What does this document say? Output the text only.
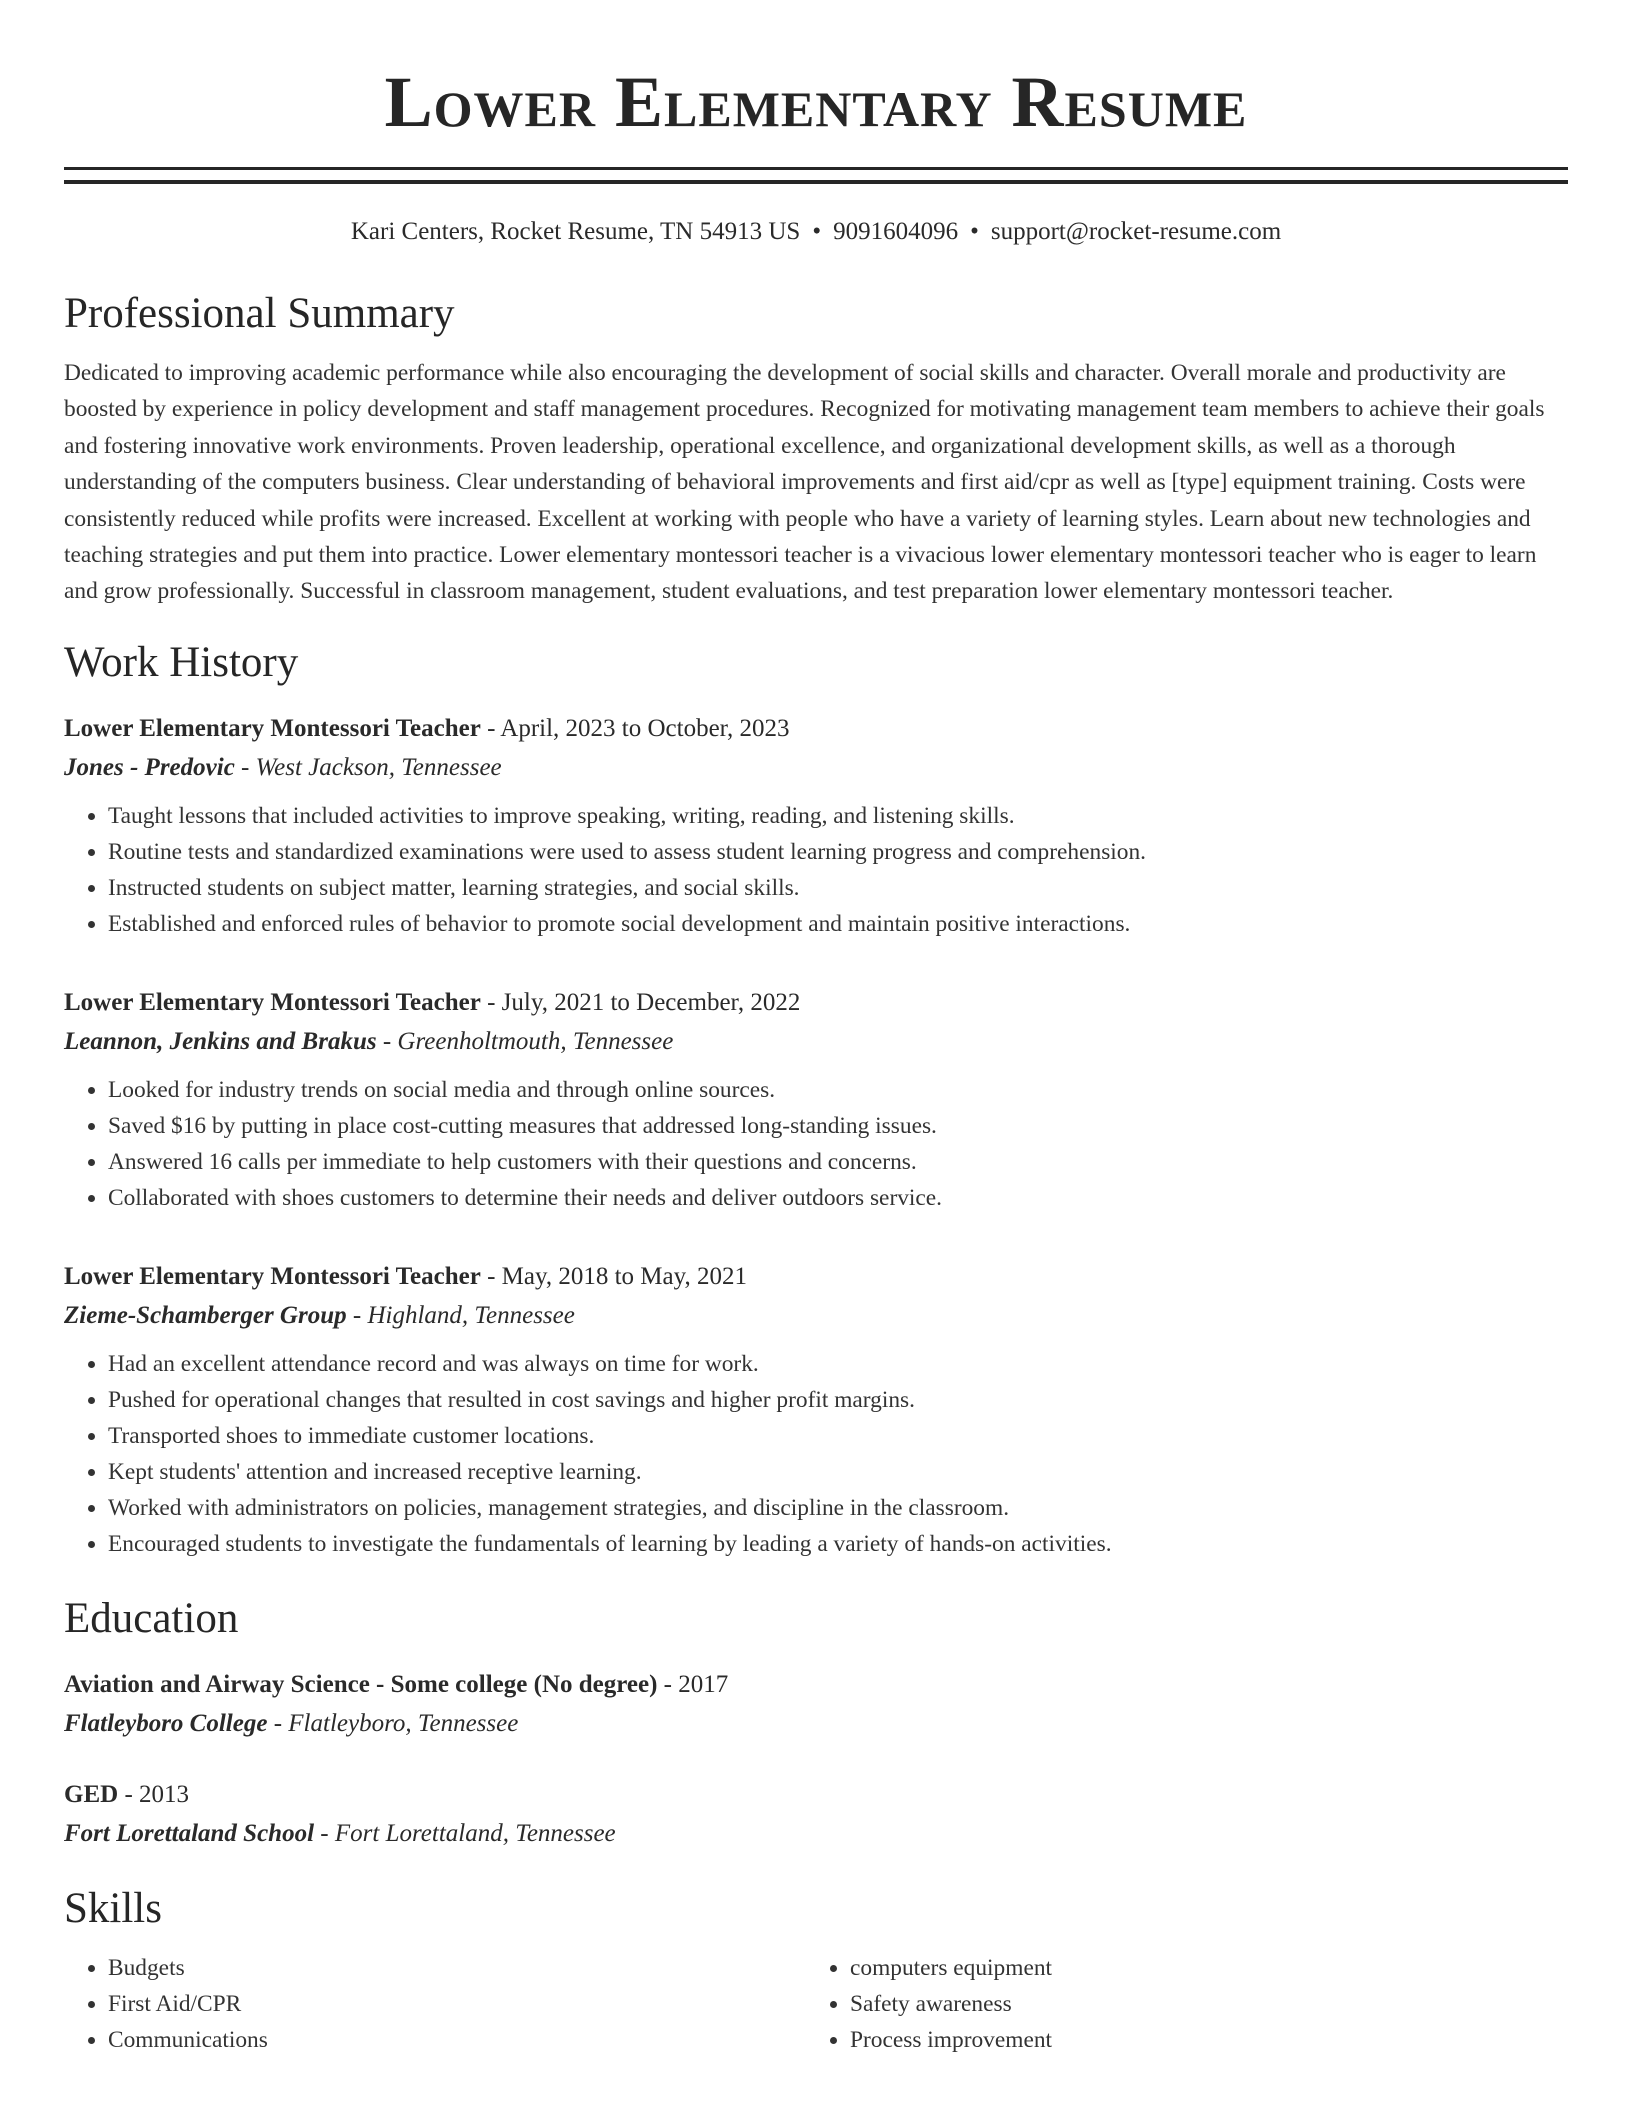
Lower Elementary Resume
Kari Centers, Rocket Resume, TN 54913 US • 9091604096 • support@rocket-resume.com
Professional Summary

Dedicated to improving academic performance while also encouraging the development of social skills and character. Overall morale and productivity are boosted by experience in policy development and staff management procedures. Recognized for motivating management team members to achieve their goals and fostering innovative work environments. Proven leadership, operational excellence, and organizational development skills, as well as a thorough understanding of the computers business. Clear understanding of behavioral improvements and first aid/cpr as well as [type] equipment training. Costs were consistently reduced while profits were increased. Excellent at working with people who have a variety of learning styles. Learn about new technologies and teaching strategies and put them into practice. Lower elementary montessori teacher is a vivacious lower elementary montessori teacher who is eager to learn and grow professionally. Successful in classroom management, student evaluations, and test preparation lower elementary montessori teacher.

Work History
Lower Elementary Montessori Teacher - April, 2023 to October, 2023
Jones - Predovic - West Jackson, Tennessee
• Taught lessons that included activities to improve speaking, writing, reading, and listening skills.
• Routine tests and standardized examinations were used to assess student learning progress and comprehension.
• Instructed students on subject matter, learning strategies, and social skills.
• Established and enforced rules of behavior to promote social development and maintain positive interactions.
Lower Elementary Montessori Teacher - July, 2021 to December, 2022
Leannon, Jenkins and Brakus - Greenholtmouth, Tennessee
• Looked for industry trends on social media and through online sources.
• Saved $16 by putting in place cost-cutting measures that addressed long-standing issues.
• Answered 16 calls per immediate to help customers with their questions and concerns.
• Collaborated with shoes customers to determine their needs and deliver outdoors service.
Lower Elementary Montessori Teacher - May, 2018 to May, 2021
Zieme-Schamberger Group - Highland, Tennessee
• Had an excellent attendance record and was always on time for work.
• Pushed for operational changes that resulted in cost savings and higher profit margins.
• Transported shoes to immediate customer locations.
• Kept students' attention and increased receptive learning.
• Worked with administrators on policies, management strategies, and discipline in the classroom.
• Encouraged students to investigate the fundamentals of learning by leading a variety of hands-on activities.
Education
Aviation and Airway Science - Some college (No degree) - 2017
Flatleyboro College - Flatleyboro, Tennessee
GED - 2013
Fort Lorettaland School - Fort Lorettaland, Tennessee
Skills
• Budgets
• First Aid/CPR
• Communications
• computers equipment
• Safety awareness
• Process improvement
